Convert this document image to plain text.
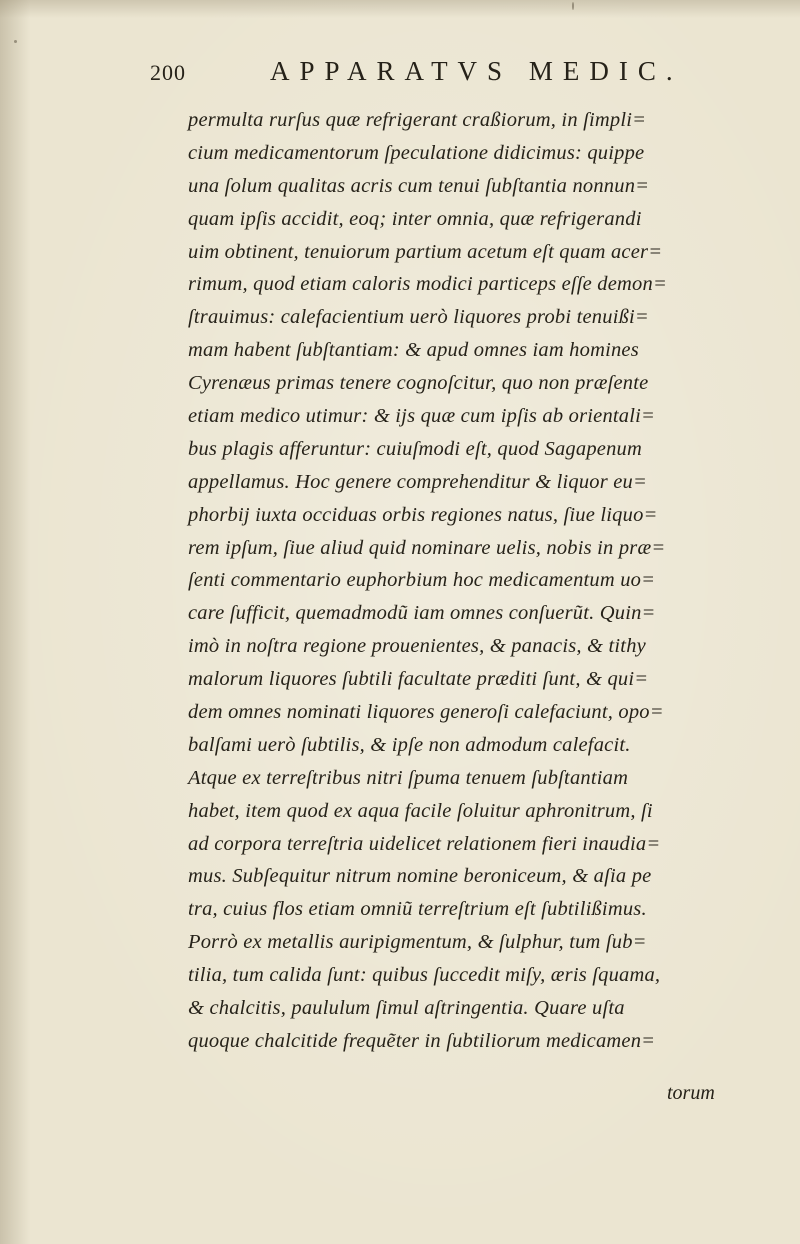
200	APPARATVS MEDIC.
permulta rurſus quæ refrigerant craßiorum, in ſimpli=
cium medicamentorum ſpeculatione didicimus: quippe
una ſolum qualitas acris cum tenui ſubſtantia nonnun=
quam ipſis accidit, eoq; inter omnia, quæ refrigerandi
uim obtinent, tenuiorum partium acetum eſt quam acer=
rimum, quod etiam caloris modici particeps eſſe demon=
ſtrauimus: calefacientium uerò liquores probi tenuißi=
mam habent ſubſtantiam: & apud omnes iam homines
Cyrenæus primas tenere cognoſcitur, quo non præſente
etiam medico utimur: & ijs quæ cum ipſis ab orientali=
bus plagis afferuntur: cuiuſmodi eſt, quod Sagapenum
appellamus. Hoc genere comprehenditur & liquor eu=
phorbij iuxta occiduas orbis regiones natus, ſiue liquo=
rem ipſum, ſiue aliud quid nominare uelis, nobis in præ=
ſenti commentario euphorbium hoc medicamentum uo=
care ſufficit, quemadmodũ iam omnes conſuerũt. Quin=
imò in noſtra regione prouenientes, & panacis, & tithy
malorum liquores ſubtili facultate præditi ſunt, & qui=
dem omnes nominati liquores generoſi calefaciunt, opo=
balſami uerò ſubtilis, & ipſe non admodum calefacit.
Atque ex terreſtribus nitri ſpuma tenuem ſubſtantiam
habet, item quod ex aqua facile ſoluitur aphronitrum, ſi
ad corpora terreſtria uidelicet relationem fieri inaudia=
mus. Subſequitur nitrum nomine beroniceum, & aſia pe
tra, cuius flos etiam omniũ terreſtrium eſt ſubtilißimus.
Porrò ex metallis auripigmentum, & ſulphur, tum ſub=
tilia, tum calida ſunt: quibus ſuccedit miſy, æris ſquama,
& chalcitis, paululum ſimul aſtringentia. Quare uſta
quoque chalcitide frequẽter in ſubtiliorum medicamen=
torum
